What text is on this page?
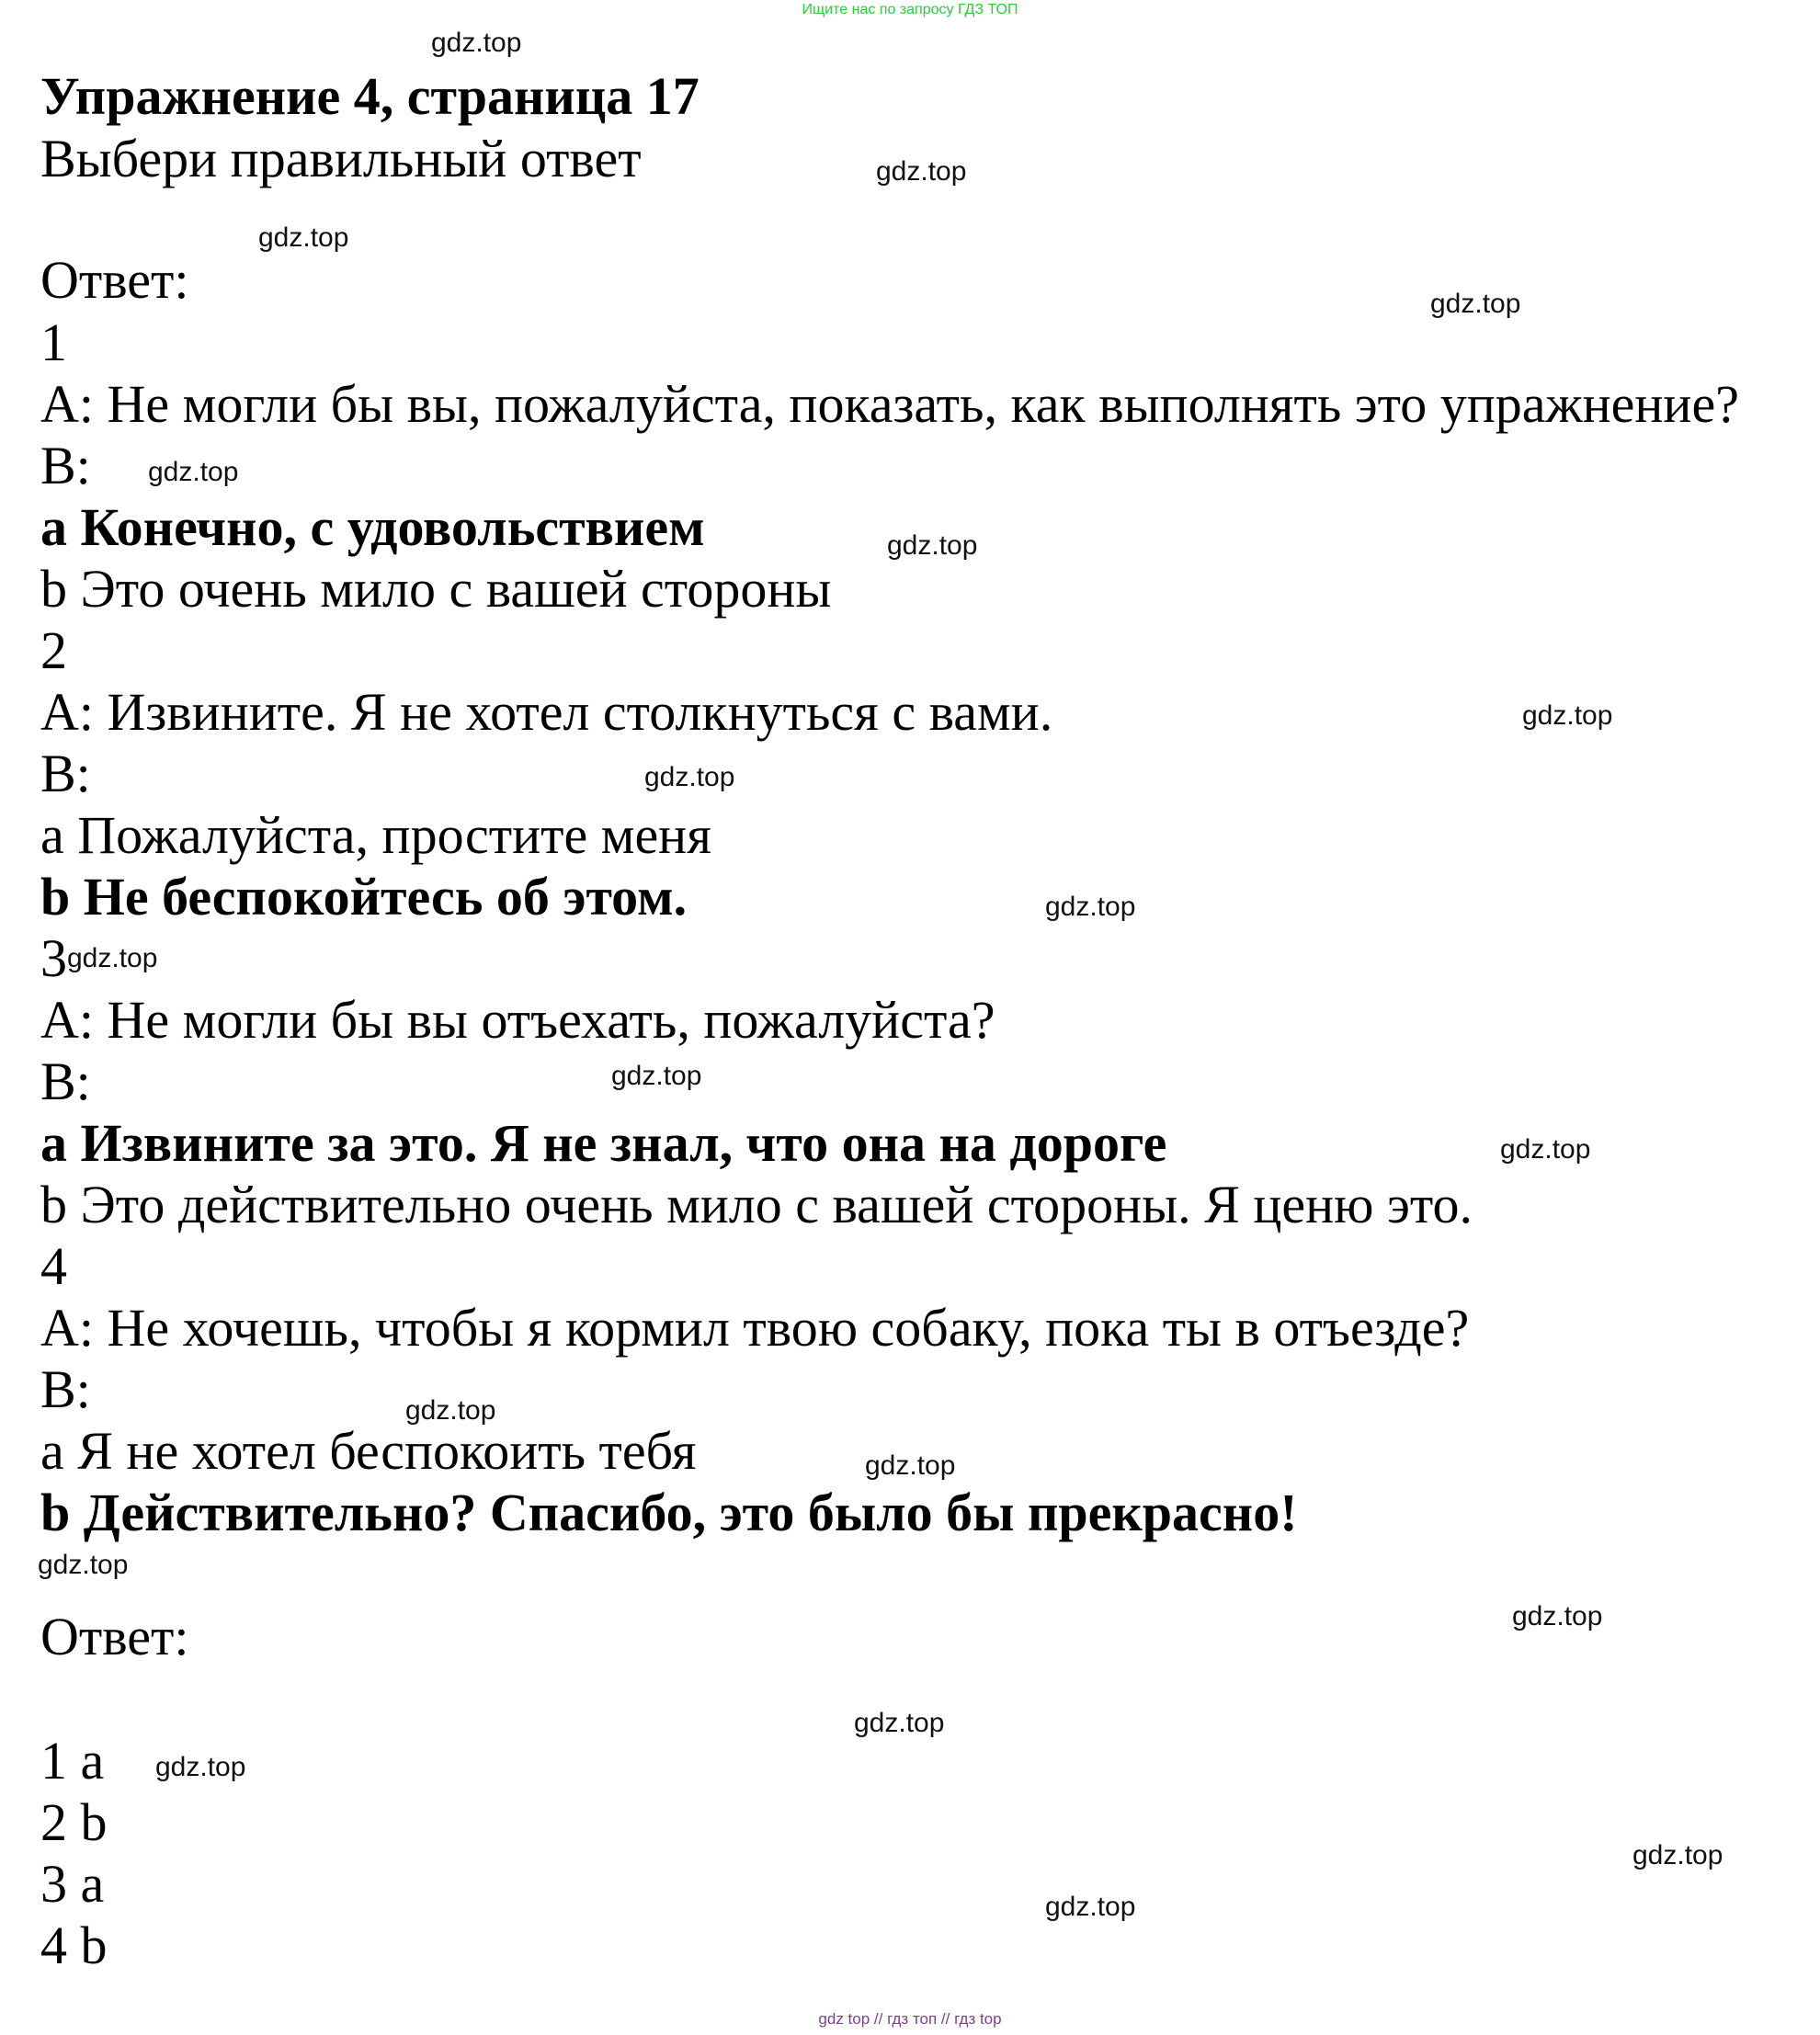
Ищите нас по запросу ГДЗ ТОП
Упражнение 4, страница 17
Выбери правильный ответ
Ответ:
1
A: Не могли бы вы, пожалуйста, показать, как выполнять это упражнение?
B:
a Конечно, с удовольствием
b Это очень мило с вашей стороны
2
A: Извините. Я не хотел столкнуться с вами.
B:
a Пожалуйста, простите меня
b Не беспокойтесь об этом.
3
A: Не могли бы вы отъехать, пожалуйста?
B:
a Извините за это. Я не знал, что она на дороге
b Это действительно очень мило с вашей стороны. Я ценю это.
4
A: Не хочешь, чтобы я кормил твою собаку, пока ты в отъезде?
B:
a Я не хотел беспокоить тебя
b Действительно? Спасибо, это было бы прекрасно!
Ответ:
1 a
2 b
3 a
4 b
gdz.top
gdz.top
gdz.top
gdz.top
gdz.top
gdz.top
gdz.top
gdz.top
gdz.top
gdz.top
gdz.top
gdz.top
gdz.top
gdz.top
gdz.top
gdz.top
gdz.top
gdz.top
gdz.top
gdz.top
gdz top // гдз топ // гдз top
